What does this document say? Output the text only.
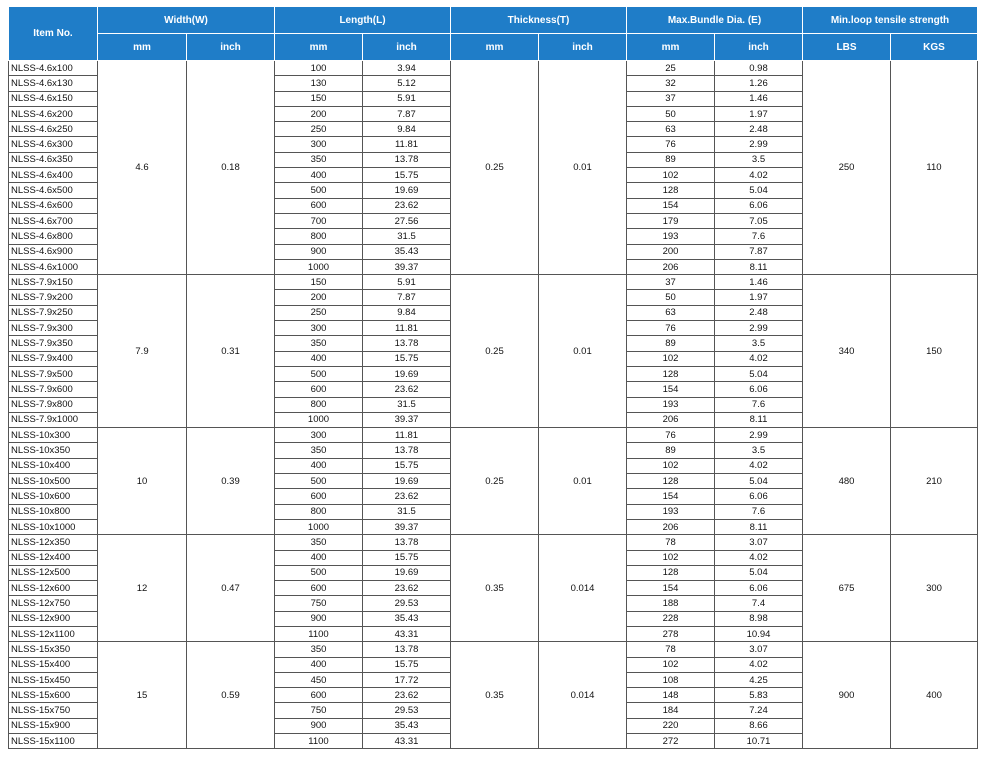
Item No.	Width(W)		Length(L)		Thickness(T)		Max.Bundle Dia. (E)		Min.loop tensile strength	
	mm	inch	mm	inch	mm	inch	mm	inch	LBS	KGS
NLSS-4.6x100	4.6	0.18	100	3.94	0.25	0.01	25	0.98	250	110
NLSS-4.6x130			130	5.12			32	1.26		
NLSS-4.6x150			150	5.91			37	1.46		
NLSS-4.6x200			200	7.87			50	1.97		
NLSS-4.6x250			250	9.84			63	2.48		
NLSS-4.6x300			300	11.81			76	2.99		
NLSS-4.6x350			350	13.78			89	3.5		
NLSS-4.6x400			400	15.75			102	4.02		
NLSS-4.6x500			500	19.69			128	5.04		
NLSS-4.6x600			600	23.62			154	6.06		
NLSS-4.6x700			700	27.56			179	7.05		
NLSS-4.6x800			800	31.5			193	7.6		
NLSS-4.6x900			900	35.43			200	7.87		
NLSS-4.6x1000			1000	39.37			206	8.11		
NLSS-7.9x150	7.9	0.31	150	5.91	0.25	0.01	37	1.46	340	150
NLSS-7.9x200			200	7.87			50	1.97		
NLSS-7.9x250			250	9.84			63	2.48		
NLSS-7.9x300			300	11.81			76	2.99		
NLSS-7.9x350			350	13.78			89	3.5		
NLSS-7.9x400			400	15.75			102	4.02		
NLSS-7.9x500			500	19.69			128	5.04		
NLSS-7.9x600			600	23.62			154	6.06		
NLSS-7.9x800			800	31.5			193	7.6		
NLSS-7.9x1000			1000	39.37			206	8.11		
NLSS-10x300	10	0.39	300	11.81	0.25	0.01	76	2.99	480	210
NLSS-10x350			350	13.78			89	3.5		
NLSS-10x400			400	15.75			102	4.02		
NLSS-10x500			500	19.69			128	5.04		
NLSS-10x600			600	23.62			154	6.06		
NLSS-10x800			800	31.5			193	7.6		
NLSS-10x1000			1000	39.37			206	8.11		
NLSS-12x350	12	0.47	350	13.78	0.35	0.014	78	3.07	675	300
NLSS-12x400			400	15.75			102	4.02		
NLSS-12x500			500	19.69			128	5.04		
NLSS-12x600			600	23.62			154	6.06		
NLSS-12x750			750	29.53			188	7.4		
NLSS-12x900			900	35.43			228	8.98		
NLSS-12x1100			1100	43.31			278	10.94		
NLSS-15x350	15	0.59	350	13.78	0.35	0.014	78	3.07	900	400
NLSS-15x400			400	15.75			102	4.02		
NLSS-15x450			450	17.72			108	4.25		
NLSS-15x600			600	23.62			148	5.83		
NLSS-15x750			750	29.53			184	7.24		
NLSS-15x900			900	35.43			220	8.66		
NLSS-15x1100			1100	43.31			272	10.71		
